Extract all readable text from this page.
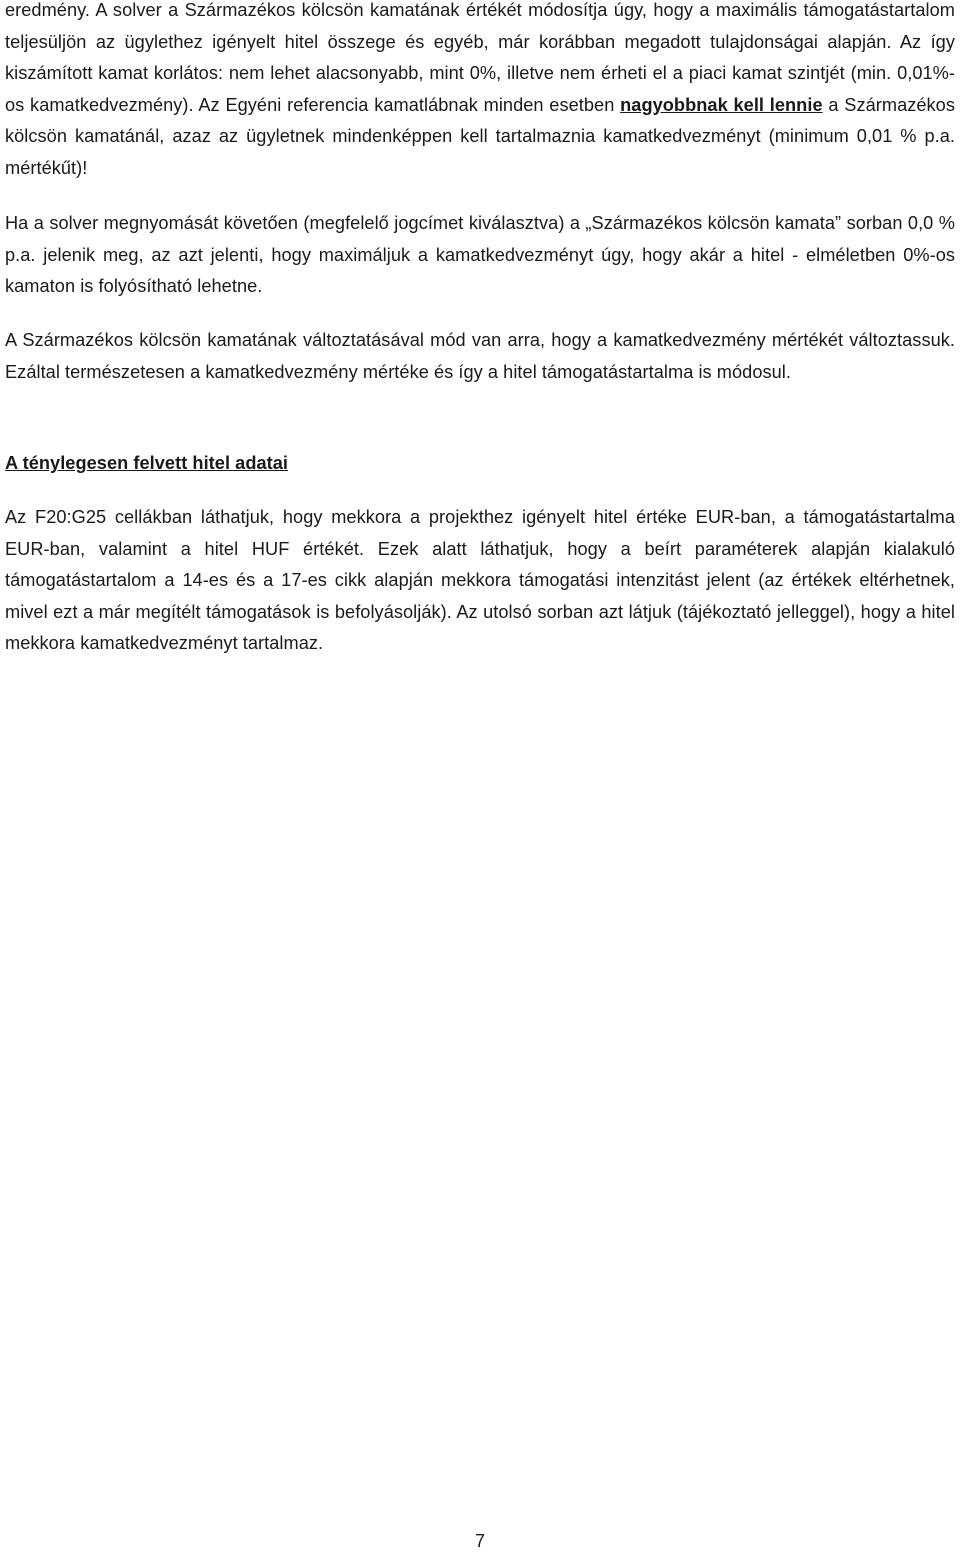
eredmény. A solver a Származékos kölcsön kamatának értékét módosítja úgy, hogy a maximális támogatástartalom teljesüljön az ügylethez igényelt hitel összege és egyéb, már korábban megadott tulajdonságai alapján. Az így kiszámított kamat korlátos: nem lehet alacsonyabb, mint 0%, illetve nem érheti el a piaci kamat szintjét (min. 0,01%-os kamatkedvezmény). Az Egyéni referencia kamatlábnak minden esetben nagyobbnak kell lennie a Származékos kölcsön kamatánál, azaz az ügyletnek mindenképpen kell tartalmaznia kamatkedvezményt (minimum 0,01 % p.a. mértékűt)!

Ha a solver megnyomását követően (megfelelő jogcímet kiválasztva) a „Származékos kölcsön kamata” sorban 0,0 % p.a. jelenik meg, az azt jelenti, hogy maximáljuk a kamatkedvezményt úgy, hogy akár a hitel - elméletben 0%-os kamaton is folyósítható lehetne.

A Származékos kölcsön kamatának változtatásával mód van arra, hogy a kamatkedvezmény mértékét változtassuk. Ezáltal természetesen a kamatkedvezmény mértéke és így a hitel támogatástartalma is módosul.

A ténylegesen felvett hitel adatai

Az F20:G25 cellákban láthatjuk, hogy mekkora a projekthez igényelt hitel értéke EUR-ban, a támogatástartalma EUR-ban, valamint a hitel HUF értékét. Ezek alatt láthatjuk, hogy a beírt paraméterek alapján kialakuló támogatástartalom a 14-es és a 17-es cikk alapján mekkora támogatási intenzitást jelent (az értékek eltérhetnek, mivel ezt a már megítélt támogatások is befolyásolják). Az utolsó sorban azt látjuk (tájékoztató jelleggel), hogy a hitel mekkora kamatkedvezményt tartalmaz.

7
